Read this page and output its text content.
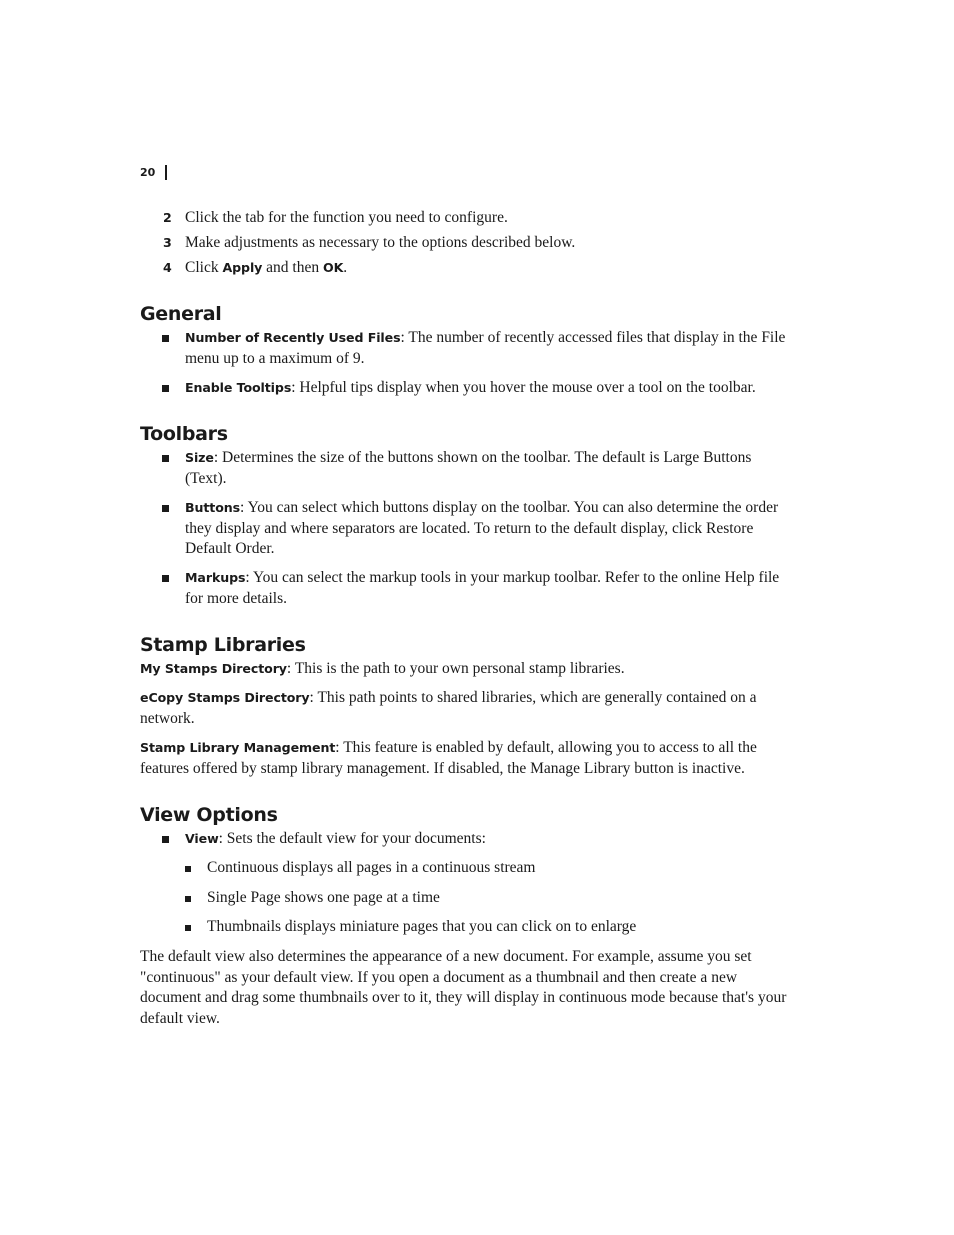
20
2 Click the tab for the function you need to configure.
3 Make adjustments as necessary to the options described below.
4 Click Apply and then OK.
General
Number of Recently Used Files: The number of recently accessed files that display in the File menu up to a maximum of 9.
Enable Tooltips: Helpful tips display when you hover the mouse over a tool on the toolbar.
Toolbars
Size: Determines the size of the buttons shown on the toolbar. The default is Large Buttons (Text).
Buttons: You can select which buttons display on the toolbar. You can also determine the order they display and where separators are located. To return to the default display, click Restore Default Order.
Markups: You can select the markup tools in your markup toolbar. Refer to the online Help file for more details.
Stamp Libraries
My Stamps Directory: This is the path to your own personal stamp libraries.
eCopy Stamps Directory: This path points to shared libraries, which are generally contained on a network.
Stamp Library Management: This feature is enabled by default, allowing you to access to all the features offered by stamp library management. If disabled, the Manage Library button is inactive.
View Options
View: Sets the default view for your documents:
Continuous displays all pages in a continuous stream
Single Page shows one page at a time
Thumbnails displays miniature pages that you can click on to enlarge
The default view also determines the appearance of a new document. For example, assume you set "continuous" as your default view. If you open a document as a thumbnail and then create a new document and drag some thumbnails over to it, they will display in continuous mode because that's your default view.
